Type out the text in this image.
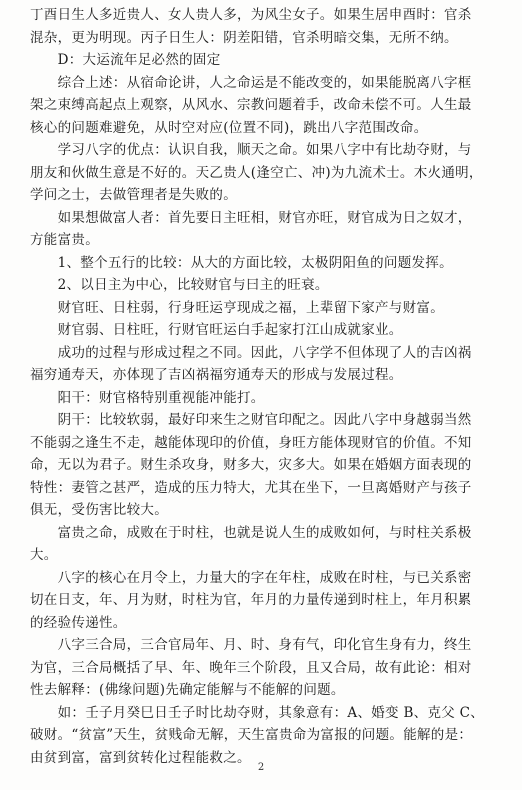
丁酉日生人多近贵人、女人贵人多，为风尘女子。如果生居申酉时：官杀
混杂，更为明现。丙子日生人：阴差阳错，官杀明暗交集，无所不纳。
　　D：大运流年足必然的固定
　　综合上述：从宿命论讲，人之命运是不能改变的，如果能脱离八字框
架之束缚高起点上观察，从风水、宗教问题着手，改命未偿不可。人生最
核心的问题难避免，从时空对应(位置不同)，跳出八字范围改命。
　　学习八字的优点：认识自我，顺天之命。如果八字中有比劫夺财，与
朋友和伙做生意是不好的。天乙贵人(逢空亡、冲)为九流术士。木火通明，
学问之士，去做管理者是失败的。
　　如果想做富人者：首先要日主旺相，财官亦旺，财官成为日之奴才，
方能富贵。
　　1、整个五行的比较：从大的方面比较，太极阴阳鱼的问题发挥。
　　2、以日主为中心，比较财官与曰主的旺衰。
　　财官旺、日柱弱，行身旺运亨现成之福，上辈留下家产与财富。
　　财官弱、日柱旺，行财官旺运白手起家打江山成就家业。
　　成功的过程与形成过程之不同。因此，八字学不但体现了人的吉凶祸
福穷通寿天，亦体现了吉凶祸福穷通寿天的形成与发展过程。
　　阳干：财官格特别重视能冲能打。
　　阴干：比较软弱，最好印来生之财官印配之。因此八字中身越弱当然
不能弱之逢生不走，越能体现印的价值，身旺方能体现财官的价值。不知
命，无以为君子。财生杀攻身，财多大，灾多大。如果在婚姻方面表现的
特性：妻管之甚严，造成的压力特大，尤其在坐下，一旦离婚财产与孩子
俱无，受伤害比较大。
　　富贵之命，成败在于时柱，也就是说人生的成败如何，与时柱关系极
大。
　　八字的核心在月令上，力量大的字在年柱，成败在时柱，与已关系密
切在日支，年、月为财，时柱为官，年月的力量传递到时柱上，年月积累
的经验传递性。
　　八字三合局，三合官局年、月、时、身有气，印化官生身有力，终生
为官，三合局概括了早、年、晚年三个阶段，且又合局，故有此论：相对
性去解释：(佛缘问题)先确定能解与不能解的问题。
　　如：壬子月癸巳日壬子时比劫夺财，其象意有：A、婚变 B、克父 C、
破财。“贫富”天生，贫贱命无解，天生富贵命为富报的问题。能解的是：
由贫到富，富到贫转化过程能救之。
2
